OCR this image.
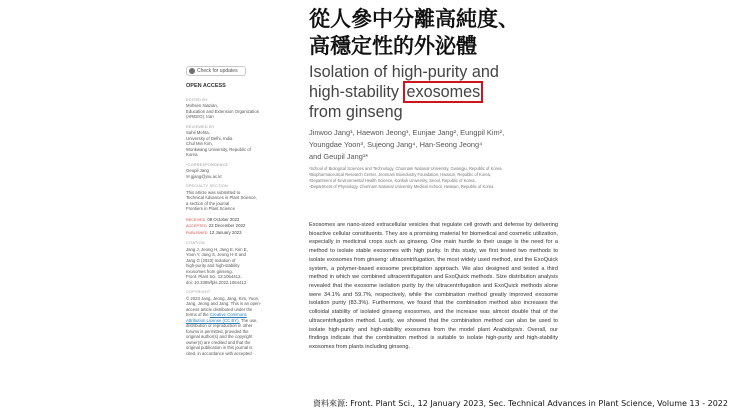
從人參中分離高純度、
高穩定性的外泌體
Check for updates
OPEN ACCESS
EDITED BY
Mohsen Niazian,
Education and Extension Organization
(AREEO), Iran
REVIEWED BY
Sahil Mehta,
University of Delhi, India
Chul Min Kim,
Wonkwang University, Republic of
Korea
*CORRESPONDENCE
Geupil Jang
✉ gjang@jnu.ac.kr
SPECIALTY SECTION
This article was submitted to
Technical Advances in Plant Science,
a section of the journal
Frontiers in Plant Science
RECEIVED 08 October 2022
ACCEPTED 23 December 2022
PUBLISHED 12 January 2023
CITATION
Jang J, Jeong H, Jang E, Kim E,
Yoon Y, Jang S, Jeong H-S and
Jang G (2023) Isolation of
high-purity and high-stability
exosomes from ginseng.
Front. Plant Sci. 13:1064412.
doi: 10.3389/fpls.2022.1064412
COPYRIGHT
© 2023 Jang, Jeong, Jang, Kim, Yoon,
Jang, Jeong and Jang. This is an open-
access article distributed under the
terms of the Creative Commons
Attribution License (CC BY). The use,
distribution or reproduction in other
forums is permitted, provided the
original author(s) and the copyright
owner(s) are credited and that the
original publication in this journal is
cited, in accordance with accepted
Isolation of high-purity and
high-stability exosomes
from ginseng
Jinwoo Jang¹, Haewon Jeong¹, Eunjae Jang², Eungpil Kim²,
Youngdae Yoon³, Sujeong Jang⁴, Han-Seong Jeong⁴
and Geupil Jang¹*
¹School of Biological Sciences and Technology, Chonnam National University, Gwangju, Republic of Korea,
²Biopharmaceutical Research Center, Jeonnam Bioindustry Foundation, Hwasun, Republic of Korea,
³Department of Environmental Health Science, Konkuk University, Seoul, Republic of Korea,
⁴Department of Physiology, Chonnam National University Medical School, Hwasun, Republic of Korea

Exosomes are nano-sized extracellular vesicles that regulate cell growth and defense by delivering bioactive cellular constituents. They are a promising material for biomedical and cosmetic utilization, especially in medicinal crops such as ginseng. One main hurdle to their usage is the need for a method to isolate stable exosomes with high purity. In this study, we first tested two methods to isolate exosomes from ginseng: ultracentrifugation, the most widely used method, and the ExoQuick system, a polymer-based exosome precipitation approach. We also designed and tested a third method in which we combined ultracentrifugation and ExoQuick methods. Size distribution analysis revealed that the exosome isolation purity by the ultracentrifugation and ExoQuick methods alone were 34.1% and 59.7%, respectively, while the combination method greatly improved exosome isolation purity (83.3%). Furthermore, we found that the combination method also increases the colloidal stability of isolated ginseng exosomes, and the increase was almost double that of the ultracentrifugation method. Lastly, we showed that the combination method can also be used to isolate high-purity and high-stability exosomes from the model plant Arabidopsis. Overall, our findings indicate that the combination method is suitable to isolate high-purity and high-stability exosomes from plants including ginseng.

資料來源: Front. Plant Sci., 12 January 2023, Sec. Technical Advances in Plant Science, Volume 13 - 2022
